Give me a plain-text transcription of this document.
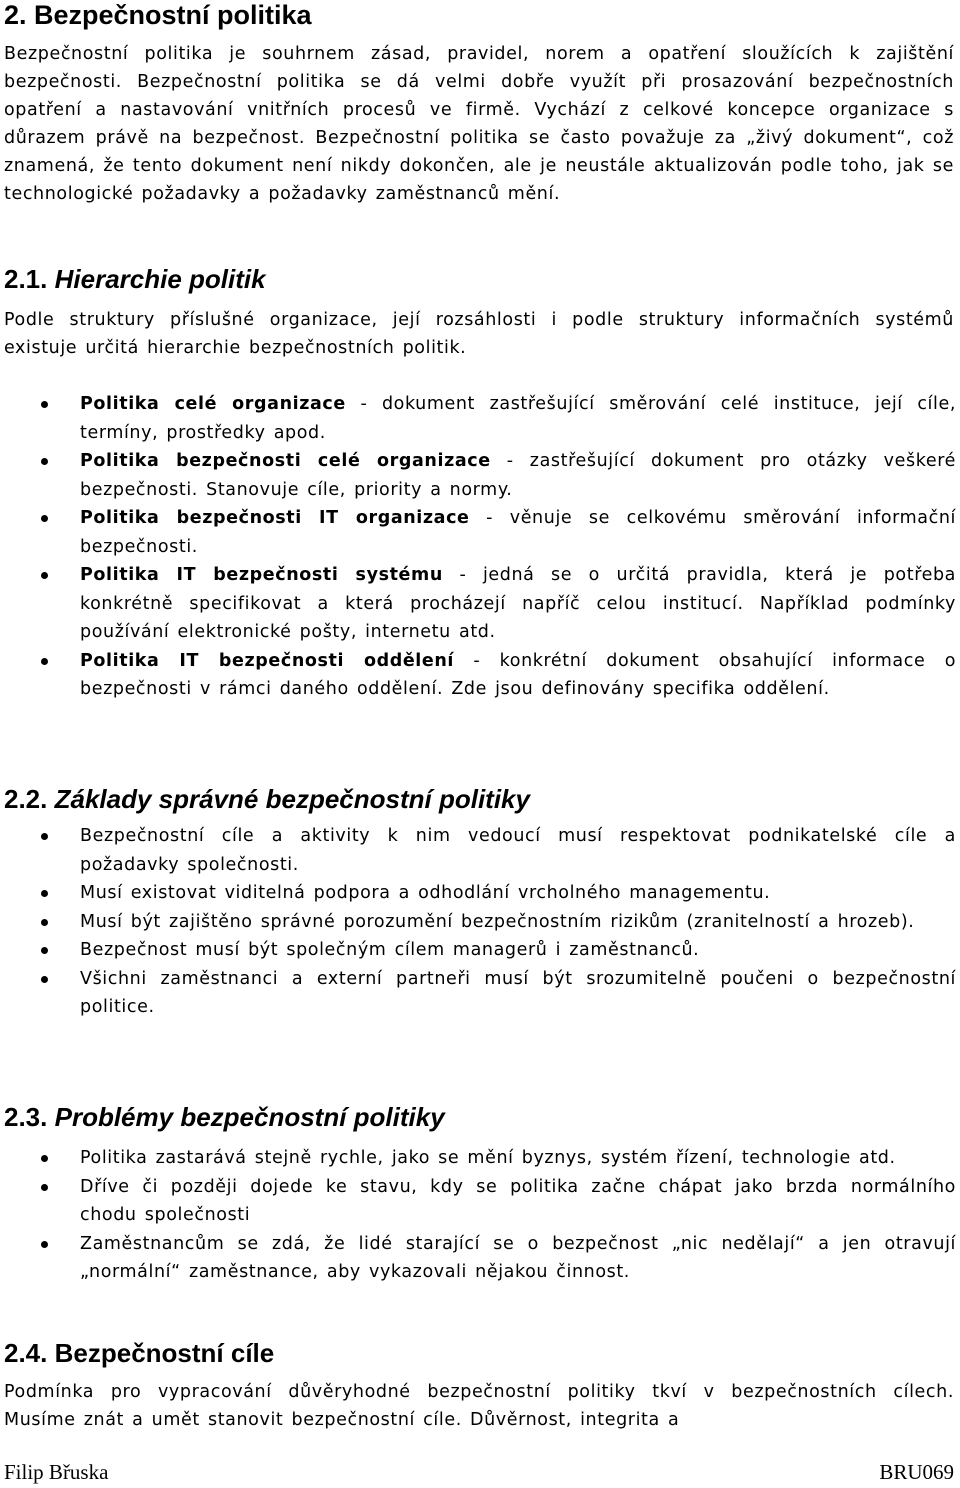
2. Bezpečnostní politika

Bezpečnostní politika je souhrnem zásad, pravidel, norem a opatření sloužících k zajištění bezpečnosti. Bezpečnostní politika se dá velmi dobře využít při prosazování bezpečnostních opatření a nastavování vnitřních procesů ve firmě. Vychází z celkové koncepce organizace s důrazem právě na bezpečnost. Bezpečnostní politika se často považuje za „živý dokument“, což znamená, že tento dokument není nikdy dokončen, ale je neustále aktualizován podle toho, jak se technologické požadavky a požadavky zaměstnanců mění.

2.1. Hierarchie politik

Podle struktury příslušné organizace, její rozsáhlosti i podle struktury informačních systémů existuje určitá hierarchie bezpečnostních politik.

Politika celé organizace - dokument zastřešující směrování celé instituce, její cíle, termíny, prostředky apod.
Politika bezpečnosti celé organizace - zastřešující dokument pro otázky veškeré bezpečnosti. Stanovuje cíle, priority a normy.
Politika bezpečnosti IT organizace - věnuje se celkovému směrování informační bezpečnosti.
Politika IT bezpečnosti systému - jedná se o určitá pravidla, která je potřeba konkrétně specifikovat a která procházejí napříč celou institucí. Například podmínky používání elektronické pošty, internetu atd.
Politika IT bezpečnosti oddělení - konkrétní dokument obsahující informace o bezpečnosti v rámci daného oddělení. Zde jsou definovány specifika oddělení.
2.2. Základy správné bezpečnostní politiky
Bezpečnostní cíle a aktivity k nim vedoucí musí respektovat podnikatelské cíle a požadavky společnosti.
Musí existovat viditelná podpora a odhodlání vrcholného managementu.
Musí být zajištěno správné porozumění bezpečnostním rizikům (zranitelností a hrozeb).
Bezpečnost musí být společným cílem managerů i zaměstnanců.
Všichni zaměstnanci a externí partneři musí být srozumitelně poučeni o bezpečnostní politice.
2.3. Problémy bezpečnostní politiky
Politika zastarává stejně rychle, jako se mění byznys, systém řízení, technologie atd.
Dříve či později dojede ke stavu, kdy se politika začne chápat jako brzda normálního chodu společnosti
Zaměstnancům se zdá, že lidé starající se o bezpečnost „nic nedělají“ a jen otravují „normální“ zaměstnance, aby vykazovali nějakou činnost.
2.4. Bezpečnostní cíle

Podmínka pro vypracování důvěryhodné bezpečnostní politiky tkví v bezpečnostních cílech. Musíme znát a umět stanovit bezpečnostní cíle. Důvěrnost, integrita a

Filip Břuska	BRU069
